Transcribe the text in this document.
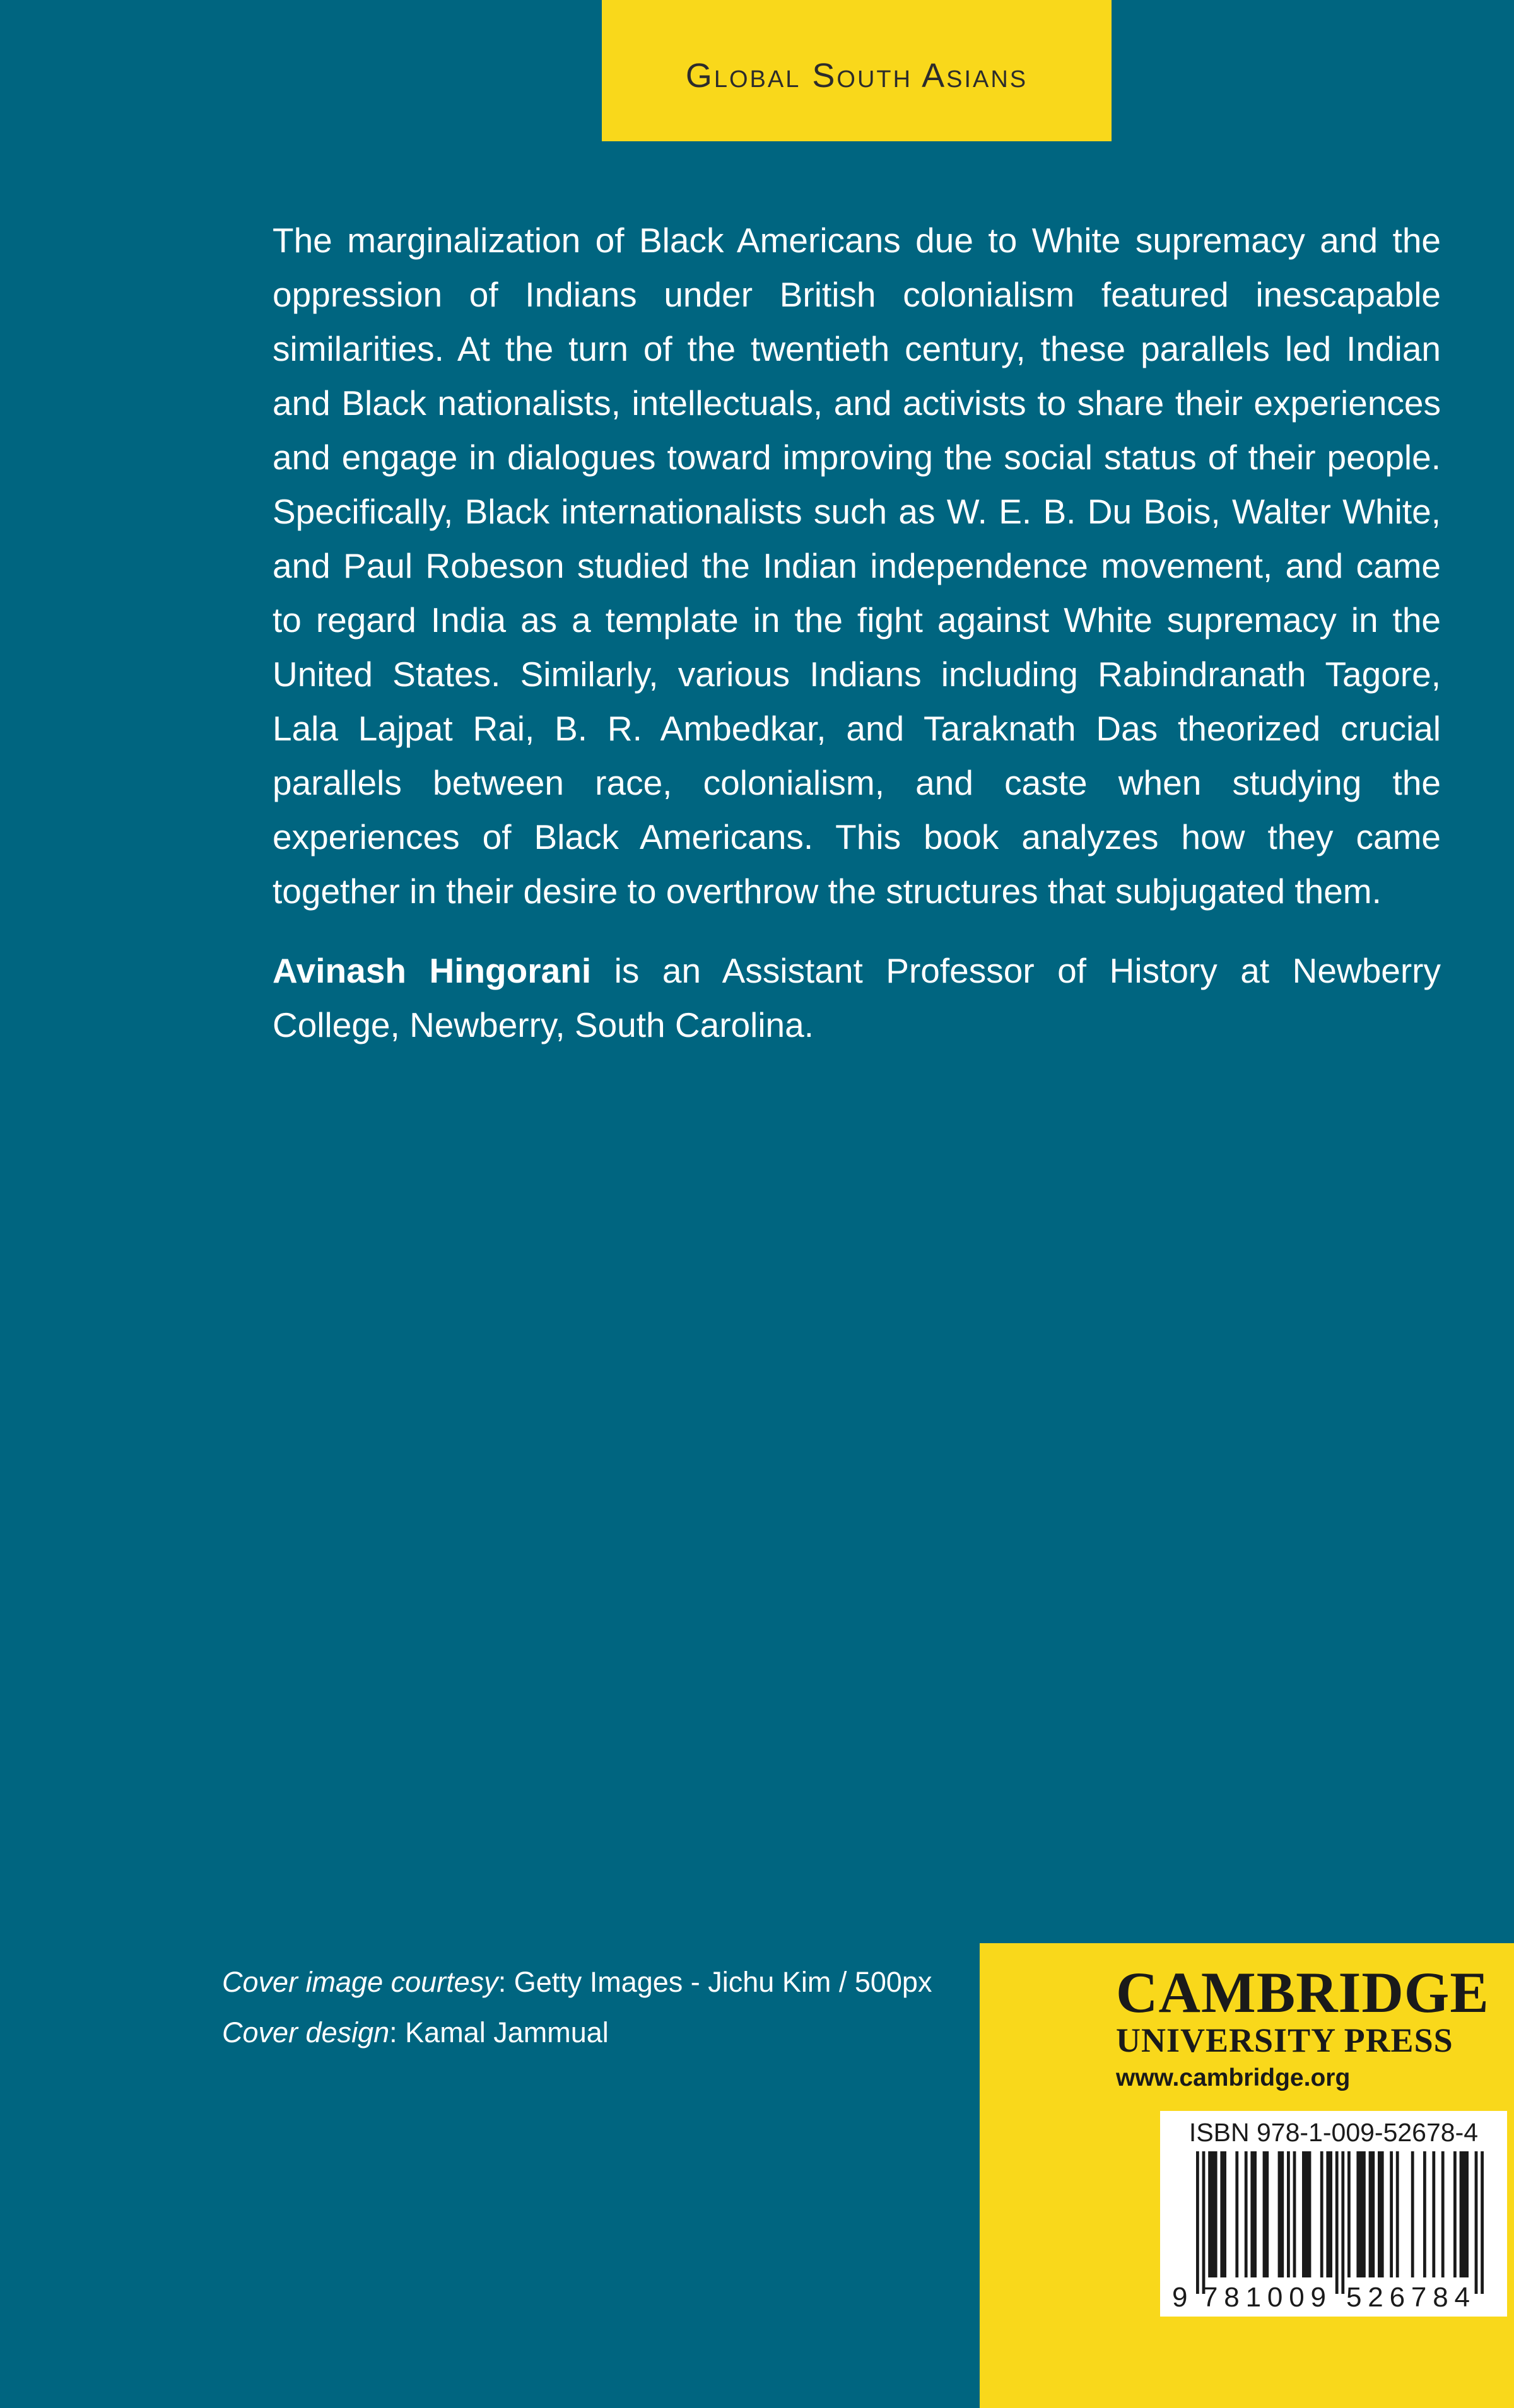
Global South Asians

The marginalization of Black Americans due to White supremacy and the oppression of Indians under British colonialism featured inescapable similarities. At the turn of the twentieth century, these parallels led Indian and Black nationalists, intellectuals, and activists to share their experiences and engage in dialogues toward improving the social status of their people. Specifically, Black internationalists such as W. E. B. Du Bois, Walter White, and Paul Robeson studied the Indian independence movement, and came to regard India as a template in the fight against White supremacy in the United States. Similarly, various Indians including Rabindranath Tagore, Lala Lajpat Rai, B. R. Ambedkar, and Taraknath Das theorized crucial parallels between race, colonialism, and caste when studying the experiences of Black Americans. This book analyzes how they came together in their desire to overthrow the structures that subjugated them.

Avinash Hingorani is an Assistant Professor of History at Newberry College, Newberry, South Carolina.

Cover image courtesy: Getty Images - Jichu Kim / 500px
Cover design: Kamal Jammual
CAMBRIDGE
UNIVERSITY PRESS
www.cambridge.org
ISBN 978-1-009-52678-4
9 781009 526784
